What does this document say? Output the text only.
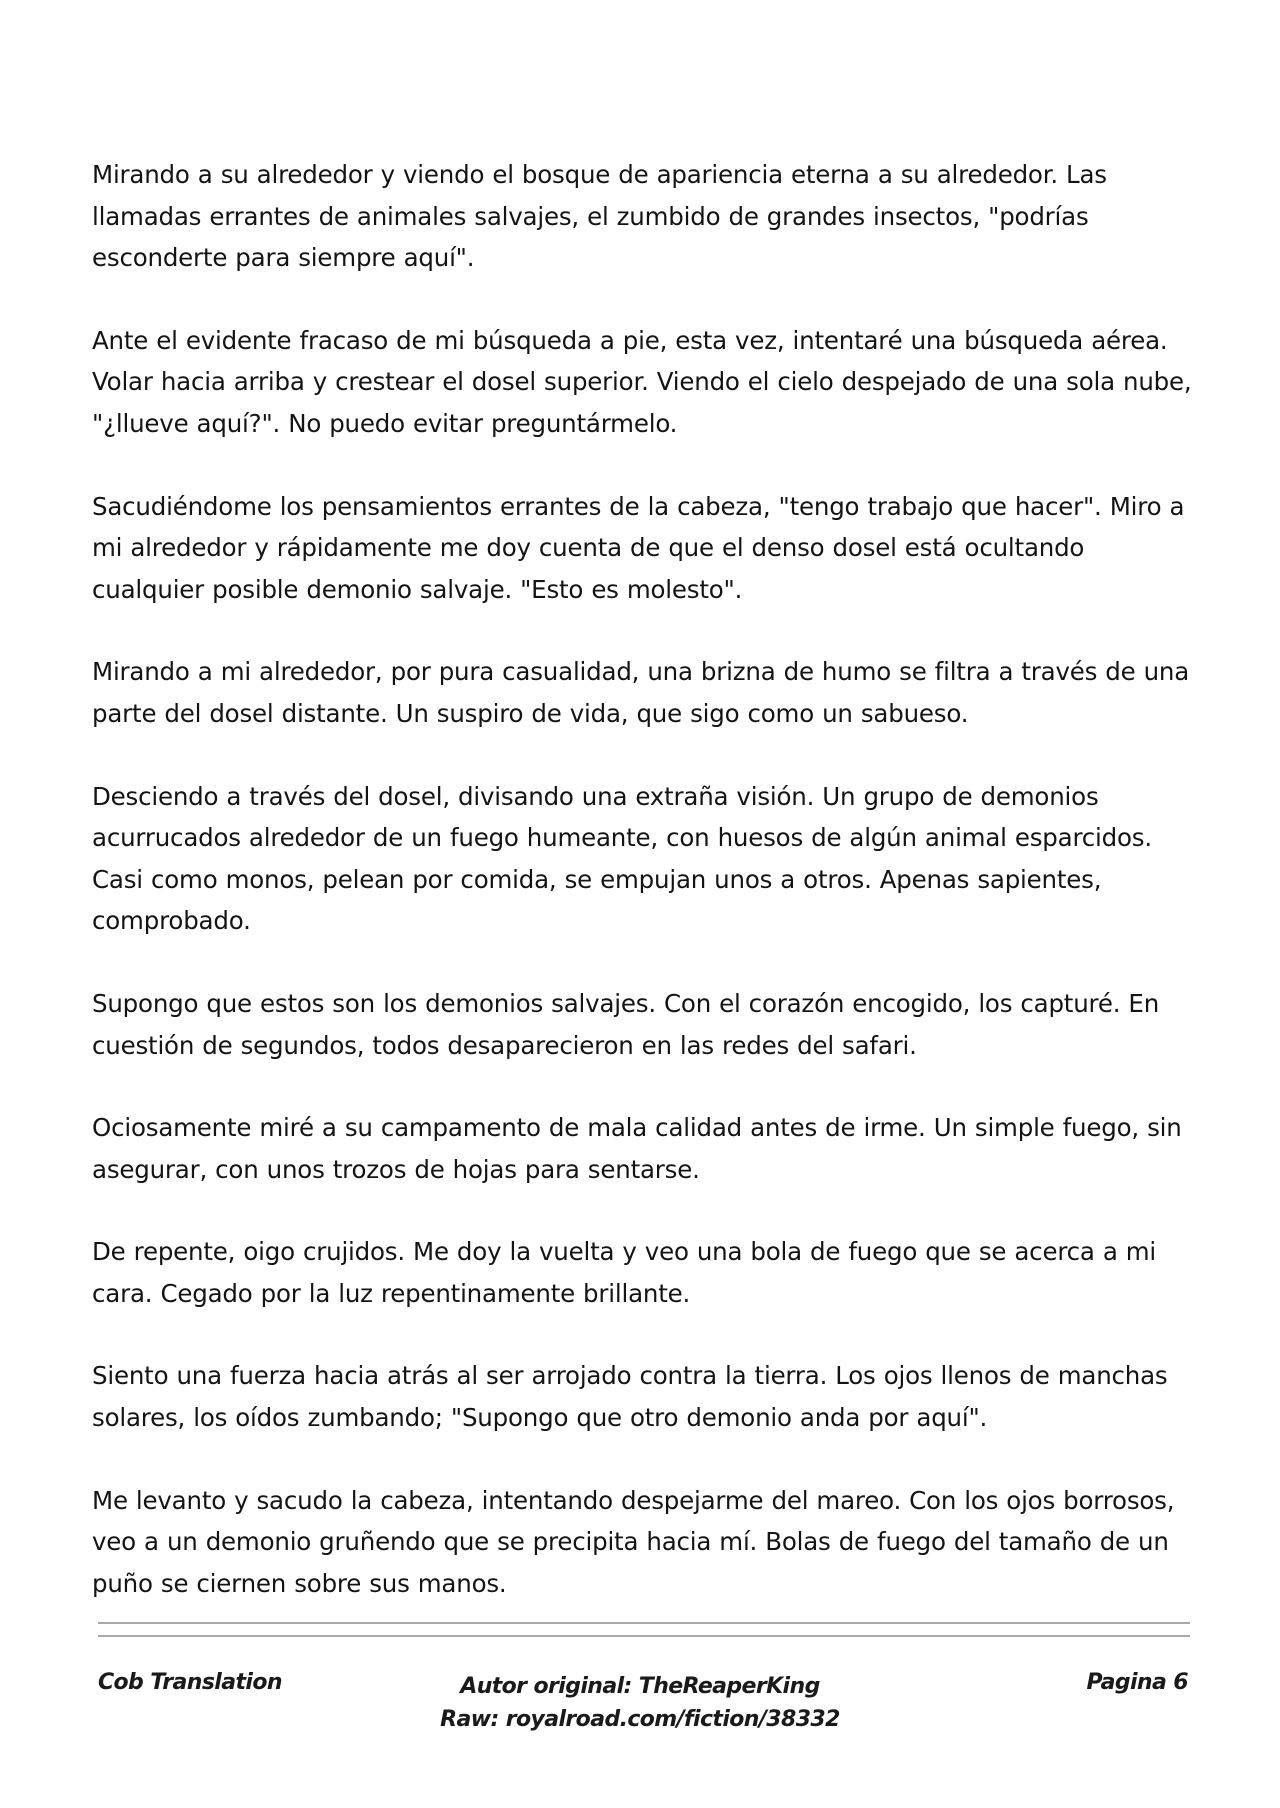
Mirando a su alrededor y viendo el bosque de apariencia eterna a su alrededor. Las llamadas errantes de animales salvajes, el zumbido de grandes insectos, "podrías esconderte para siempre aquí".

Ante el evidente fracaso de mi búsqueda a pie, esta vez, intentaré una búsqueda aérea. Volar hacia arriba y crestear el dosel superior. Viendo el cielo despejado de una sola nube, "¿llueve aquí?". No puedo evitar preguntármelo.

Sacudiéndome los pensamientos errantes de la cabeza, "tengo trabajo que hacer". Miro a mi alrededor y rápidamente me doy cuenta de que el denso dosel está ocultando cualquier posible demonio salvaje. "Esto es molesto".

Mirando a mi alrededor, por pura casualidad, una brizna de humo se filtra a través de una parte del dosel distante. Un suspiro de vida, que sigo como un sabueso.

Desciendo a través del dosel, divisando una extraña visión. Un grupo de demonios acurrucados alrededor de un fuego humeante, con huesos de algún animal esparcidos. Casi como monos, pelean por comida, se empujan unos a otros. Apenas sapientes, comprobado.

Supongo que estos son los demonios salvajes. Con el corazón encogido, los capturé. En cuestión de segundos, todos desaparecieron en las redes del safari.

Ociosamente miré a su campamento de mala calidad antes de irme. Un simple fuego, sin asegurar, con unos trozos de hojas para sentarse.

De repente, oigo crujidos. Me doy la vuelta y veo una bola de fuego que se acerca a mi cara. Cegado por la luz repentinamente brillante.

Siento una fuerza hacia atrás al ser arrojado contra la tierra. Los ojos llenos de manchas solares, los oídos zumbando; "Supongo que otro demonio anda por aquí".

Me levanto y sacudo la cabeza, intentando despejarme del mareo. Con los ojos borrosos, veo a un demonio gruñendo que se precipita hacia mí. Bolas de fuego del tamaño de un puño se ciernen sobre sus manos.

Autor original: TheReaperKing
Raw: royalroad.com/fiction/38332
Cob Translation	Pagina 6
